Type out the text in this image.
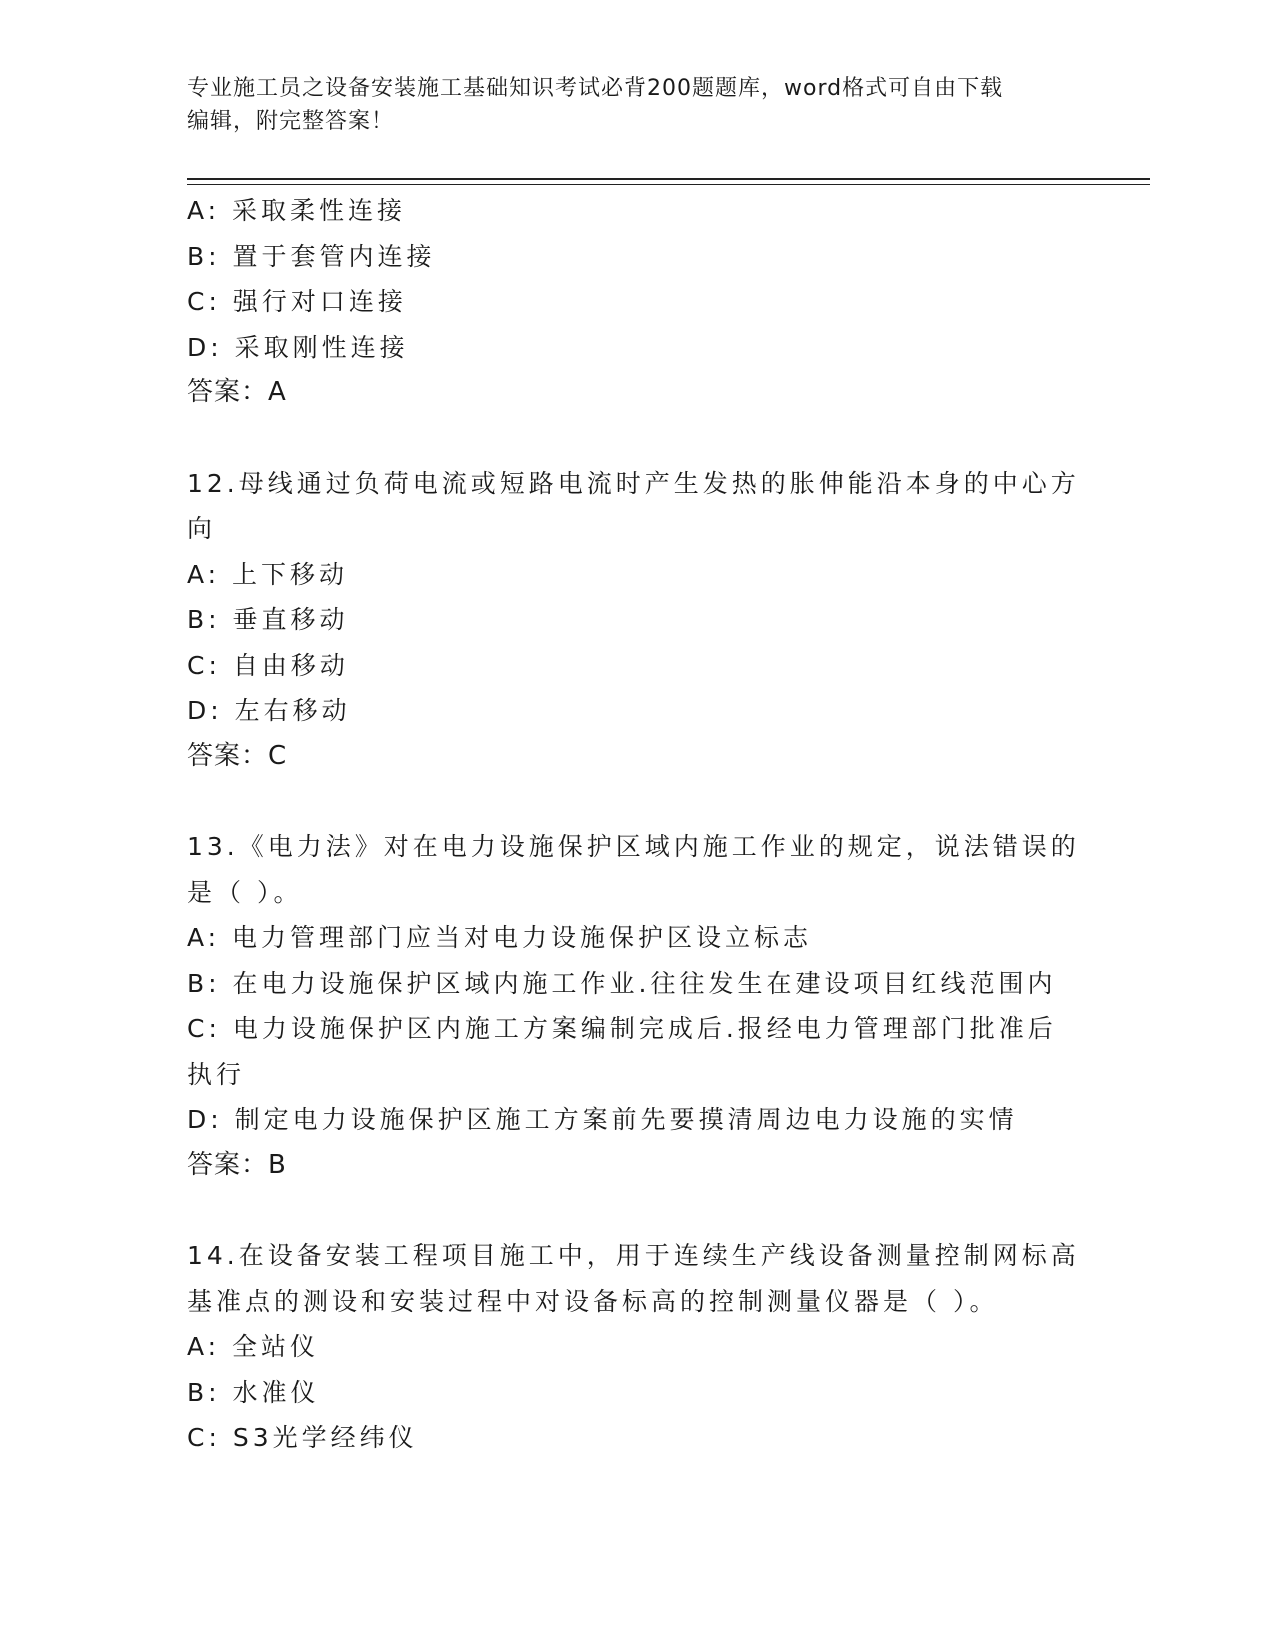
专业施工员之设备安装施工基础知识考试必背200题题库，word格式可自由下载
编辑，附完整答案！
A: 采取柔性连接
B: 置于套管内连接
C: 强行对口连接
D: 采取刚性连接
答案：A
12.母线通过负荷电流或短路电流时产生发热的胀伸能沿本身的中心方
向
A: 上下移动
B: 垂直移动
C: 自由移动
D: 左右移动
答案：C
13.《电力法》对在电力设施保护区域内施工作业的规定，说法错误的
是（ ）。
A: 电力管理部门应当对电力设施保护区设立标志
B: 在电力设施保护区域内施工作业.往往发生在建设项目红线范围内
C: 电力设施保护区内施工方案编制完成后.报经电力管理部门批准后
执行
D: 制定电力设施保护区施工方案前先要摸清周边电力设施的实情
答案：B
14.在设备安装工程项目施工中，用于连续生产线设备测量控制网标高
基准点的测设和安装过程中对设备标高的控制测量仪器是（ ）。
A: 全站仪
B: 水准仪
C: S3光学经纬仪
